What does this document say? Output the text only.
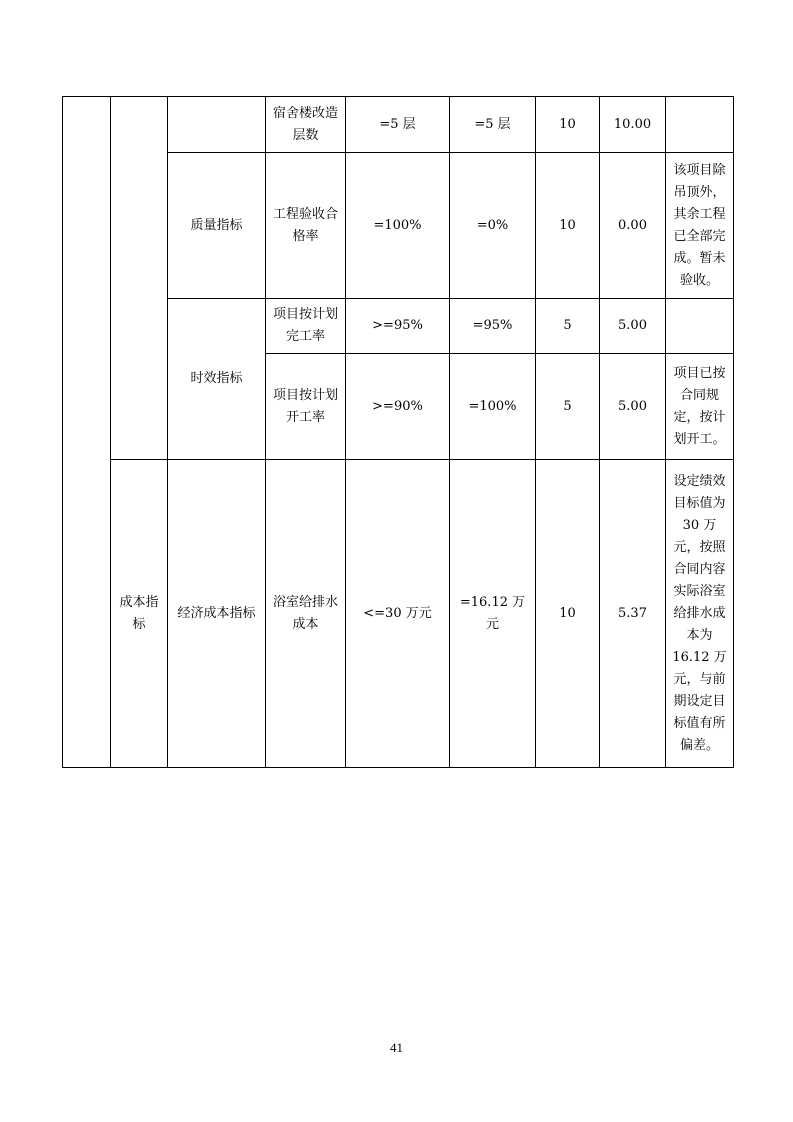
			宿舍楼改造层数	=5 层	=5 层	10	10.00	
		质量指标	工程验收合格率	=100%	=0%	10	0.00	该项目除吊顶外，其余工程已全部完成。暂未验收。
		时效指标	项目按计划完工率	>=95%	=95%	5	5.00	
			项目按计划开工率	>=90%	=100%	5	5.00	项目已按合同规定，按计划开工。
	成本指标	经济成本指标	浴室给排水成本	<=30 万元	=16.12 万元	10	5.37	设定绩效目标值为 30 万元，按照合同内容实际浴室给排水成本为 16.12 万元，与前期设定目标值有所偏差。
41
